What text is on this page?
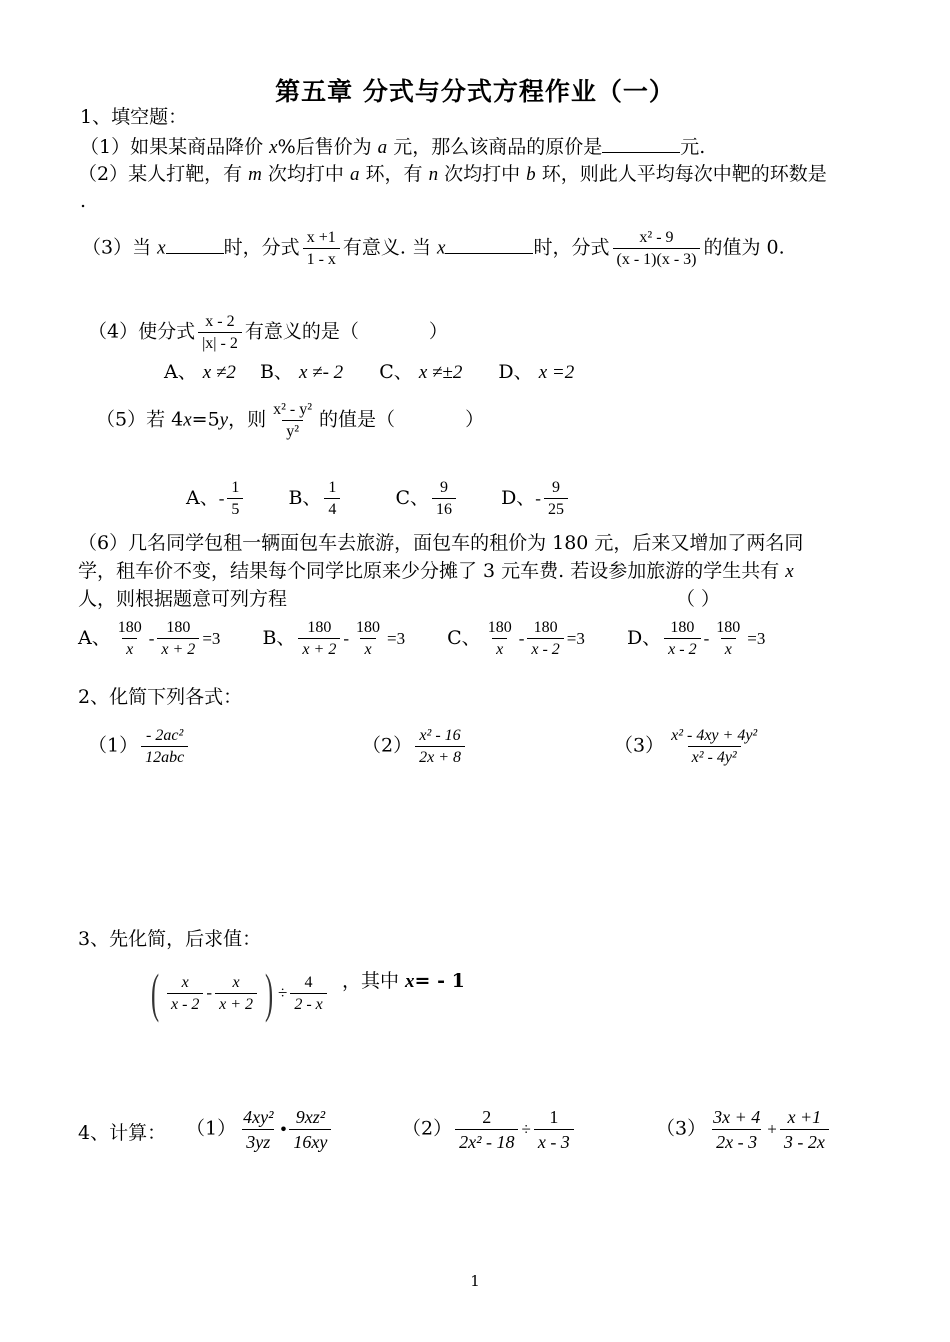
第五章 分式与分式方程作业（一）
1、填空题：
（1）如果某商品降价 x%后售价为 a 元，那么该商品的原价是	元.
（2）某人打靶，有 m 次均打中 a 环，有 n 次均打中 b 环，则此人平均每次中靶的环数是
.
（3）当 x	时，分式 $\frac{x +1}{1 - x}$ 有意义. 当 x	时，分式 $\frac{\text{x² - 9}}{(x - 1)(x - 3)}$ 的值为 0.
（4）使分式 $\frac{x - 2}{|x| - 2}$ 有意义的是（	）
A、 x ≠2 B、 x ≠- 2 C、 x ≠±2 D、 x =2
（5）若 4x=5y，则 $\frac{\text{x² - y²}}{\text{y²}}$ 的值是（	）
A、- $\frac{1}{5}$ B、 $\frac{1}{4}$	C、 $\frac{9}{16}$ D、- $\frac{9}{25}$
（6）几名同学包租一辆面包车去旅游，面包车的租价为 180 元，后来又增加了两名同
学，租车价不变，结果每个同学比原来少分摊了 3 元车费. 若设参加旅游的学生共有 x
人，则根据题意可列方程	（ ）
A、 $\frac{180}{x} - \frac{180}{x + 2} =3$ B、 $\frac{180}{x + 2} - \frac{180}{x} =3$ C、 $\frac{180}{x} - \frac{180}{x - 2} =3$ D、 $\frac{180}{x - 2} - \frac{180}{x} =3$
2、化简下列各式：
$(1) \frac{\text{- 2ac²}}{\text{12abc}}$	$(2) \frac{\text{x² - 16}}{2x + 8}$	$(3) \frac{\text{x² - 4xy + 4y²}}{\text{x² - 4y²}}$
3、先化简，后求值：
( $\frac{x}{x - 2} - \frac{x}{x + 2}$ ) ÷ $\frac{4}{2 - x}$ ，其中 x= - 1
4、计算： $(1) \frac{\text{4xy²}}{3yz}$ • $\frac{\text{9xz²}}{16xy}$	$(2) \frac{2}{\text{2x² - 18}} \div \frac{1}{x - 3}$	$(3) \frac{3x + 4}{2x - 3} + \frac{x +1}{3 - 2x}$
1
